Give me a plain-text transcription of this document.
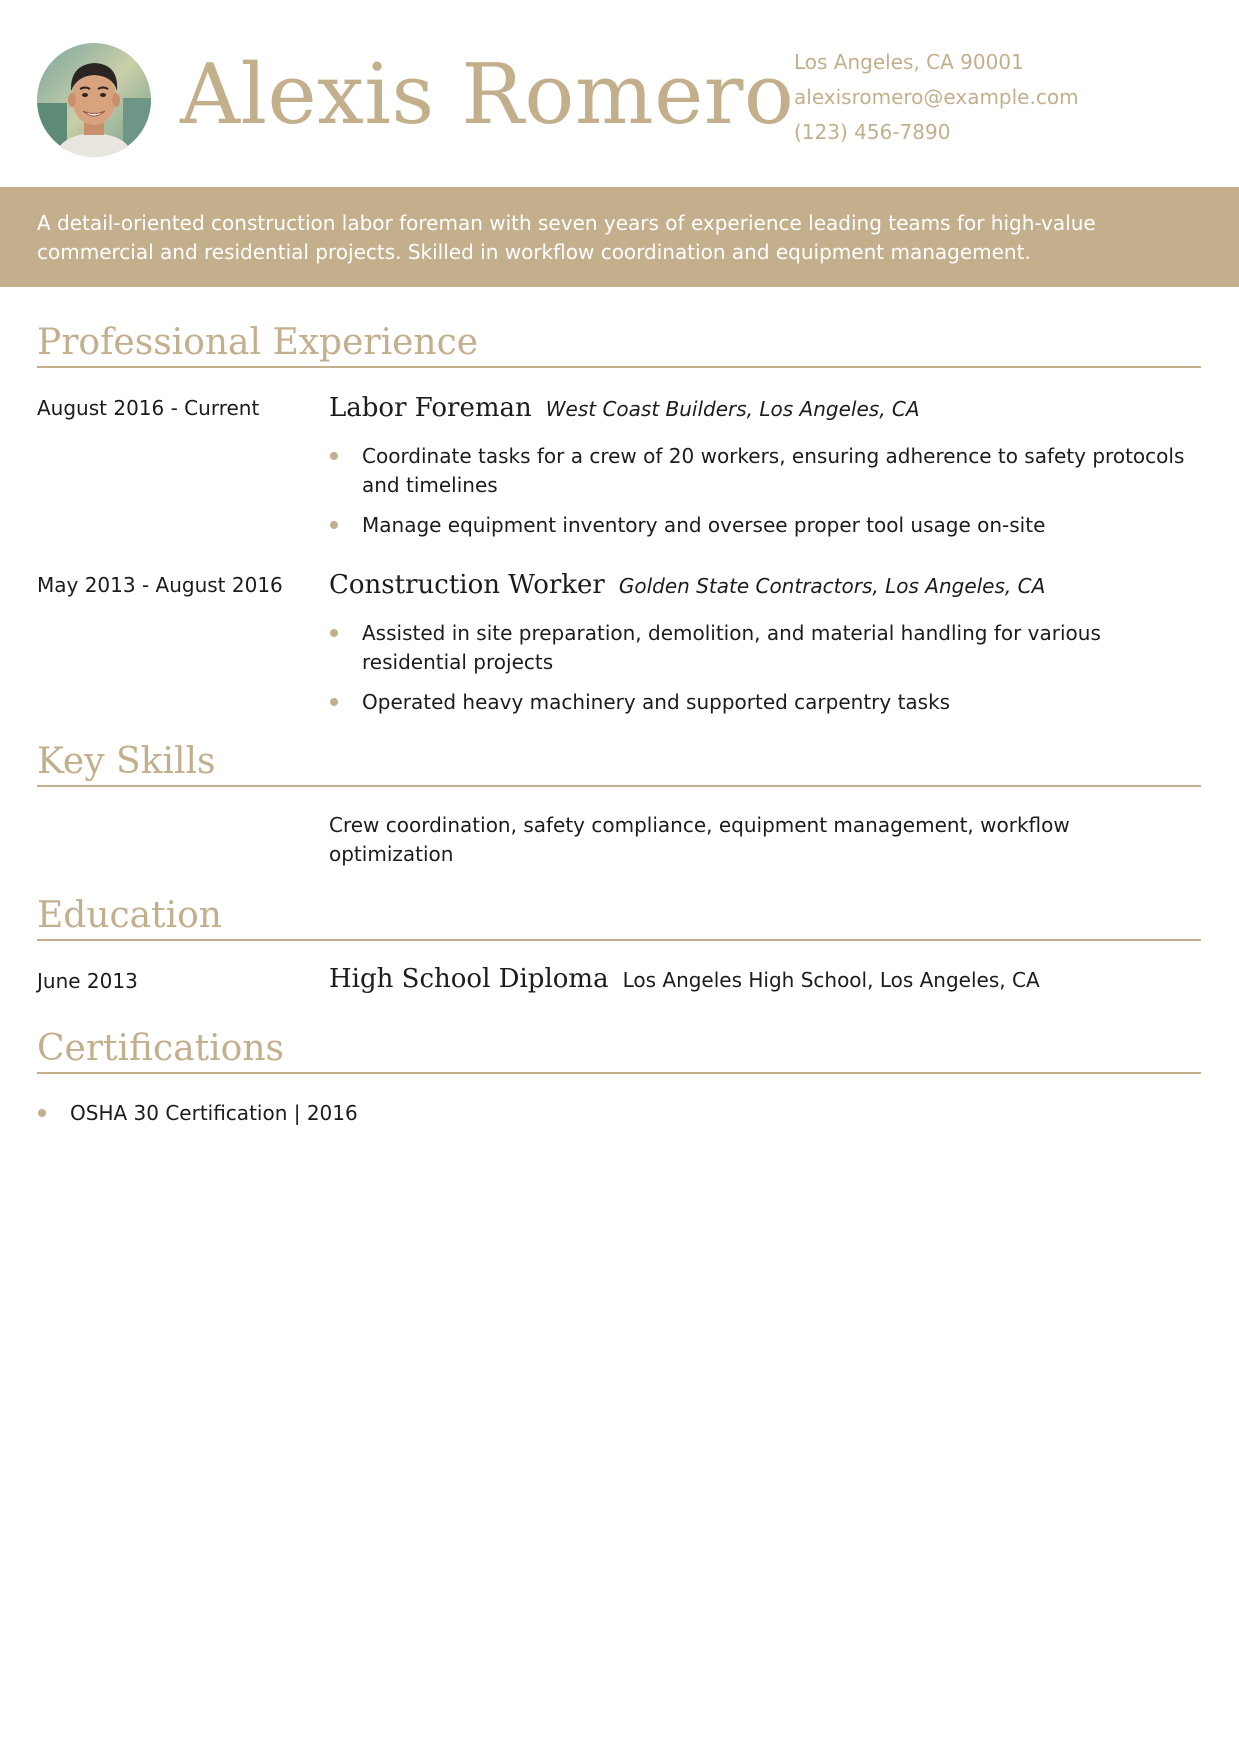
Alexis Romero Los Angeles, CA 90001
alexisromero@example.com
(123) 456-7890
A detail-oriented construction labor foreman with seven years of experience leading teams for high-value commercial and residential projects. Skilled in workflow coordination and equipment management.
Professional Experience
August 2016 - Current	Labor Foreman West Coast Builders, Los Angeles, CA
Coordinate tasks for a crew of 20 workers, ensuring adherence to safety protocols and timelines
Manage equipment inventory and oversee proper tool usage on-site
May 2013 - August 2016 Construction Worker Golden State Contractors, Los Angeles, CA
Assisted in site preparation, demolition, and material handling for various residential projects
Operated heavy machinery and supported carpentry tasks
Key Skills
Crew coordination, safety compliance, equipment management, workflow optimization
Education
June 2013	High School Diploma Los Angeles High School, Los Angeles, CA
Certifications
OSHA 30 Certification | 2016
